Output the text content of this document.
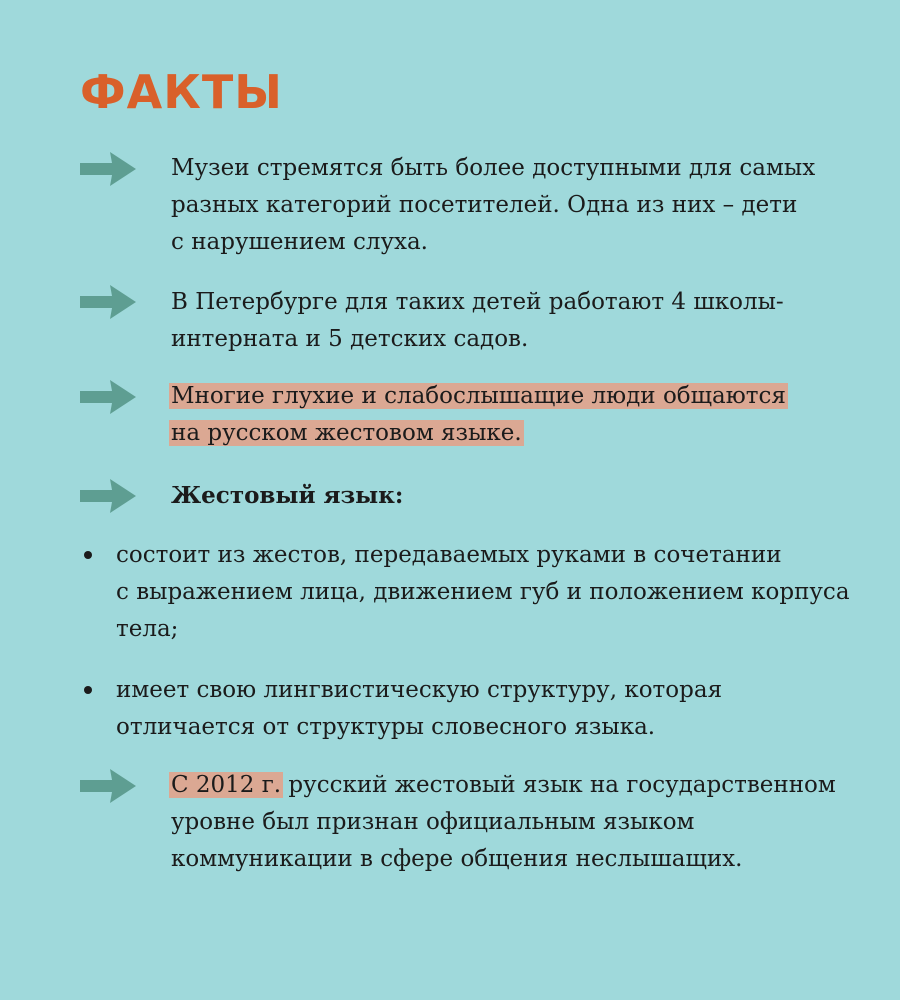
ФАКТЫ
Музеи стремятся быть более доступными для самых
разных категорий посетителей. Одна из них – дети
с нарушением слуха.
В Петербурге для таких детей работают 4 школы-
интерната и 5 детских садов.
Многие глухие и слабослышащие люди общаются
на русском жестовом языке.
Жестовый язык:
состоит из жестов, передаваемых руками в сочетании
с выражением лица, движением губ и положением корпуса
тела;
имеет свою лингвистическую структуру, которая
отличается от структуры словесного языка.
С 2012 г. русский жестовый язык на государственном
уровне был признан официальным языком
коммуникации в сфере общения неслышащих.
